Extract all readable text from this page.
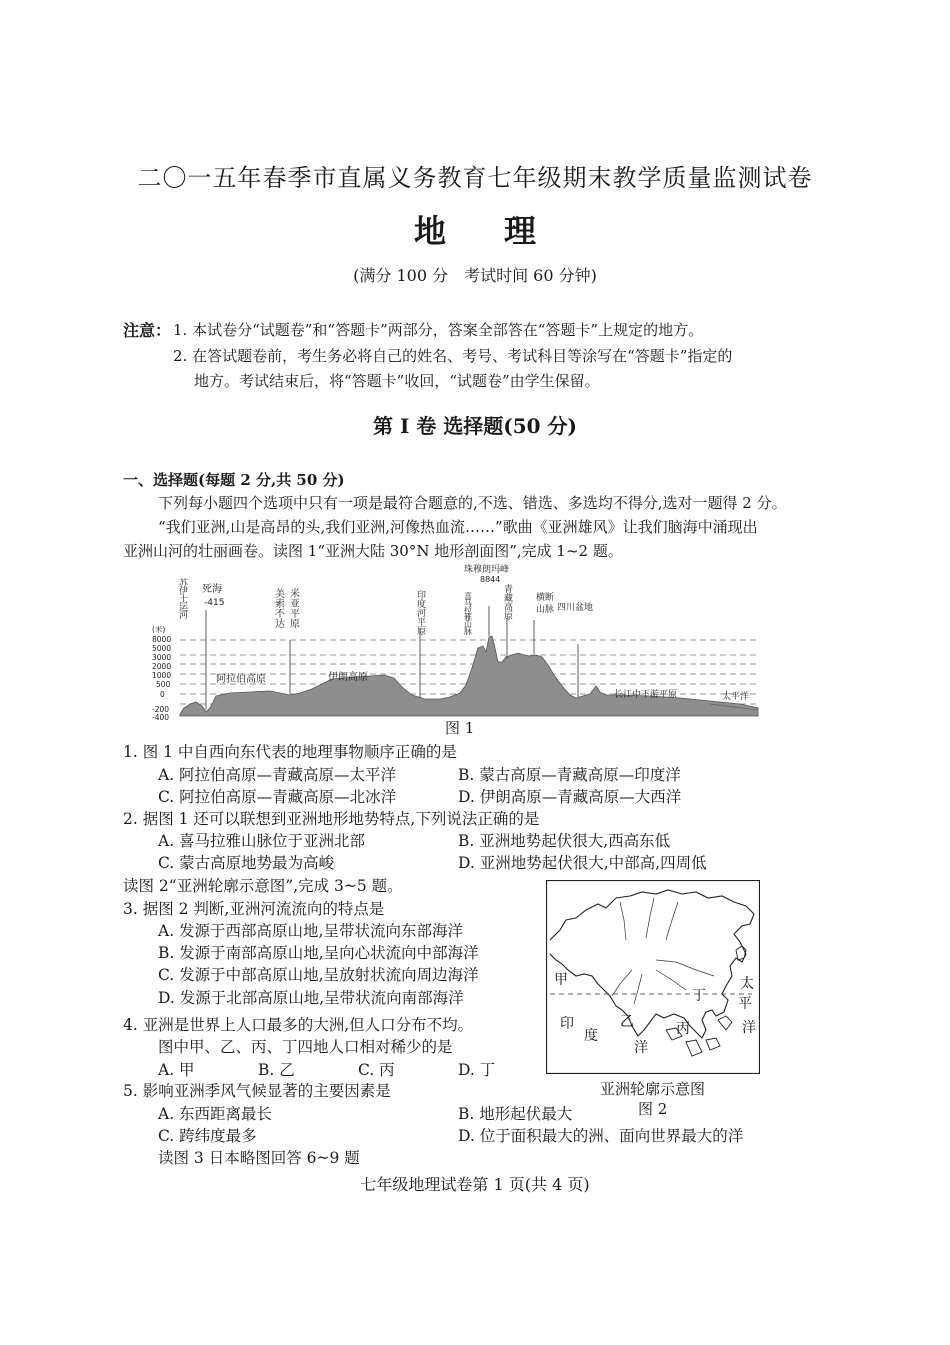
二〇一五年春季市直属义务教育七年级期末教学质量监测试卷
地理
(满分 100 分　考试时间 60 分钟)
注意： 1. 本试卷分“试题卷”和“答题卡”两部分，答案全部答在“答题卡”上规定的地方。
2. 在答试题卷前，考生务必将自己的姓名、考号、考试科目等涂写在“答题卡”指定的
地方。考试结束后，将“答题卡”收回，“试题卷”由学生保留。
第 I 卷 选择题(50 分)
一、选择题(每题 2 分,共 50 分)
下列每小题四个选项中只有一项是最符合题意的,不选、错选、多选均不得分,选对一题得 2 分。
“我们亚洲,山是高昂的头,我们亚洲,河像热血流……”歌曲《亚洲雄风》让我们脑海中涌现出
亚洲山河的壮丽画卷。读图 1“亚洲大陆 30°N 地形剖面图”,完成 1~2 题。
(米)
8000
5000
3000
2000
1000
500
0
-200
-400
苏伊士运河 死海
-415	美索不达 米亚平原	印度河平原
珠穆朗玛峰
8844
喜马拉雅山脉	青藏高原	横断
山脉 四川盆地
阿拉伯高原	伊朗高原
长江中下游平原	太平洋
图 1
1. 图 1 中自西向东代表的地理事物顺序正确的是
A. 阿拉伯高原—青藏高原—太平洋	B. 蒙古高原—青藏高原—印度洋
C. 阿拉伯高原—青藏高原—北冰洋	D. 伊朗高原—青藏高原—大西洋
2. 据图 1 还可以联想到亚洲地形地势特点,下列说法正确的是
A. 喜马拉雅山脉位于亚洲北部	B. 亚洲地势起伏很大,西高东低
C. 蒙古高原地势最为高峻	D. 亚洲地势起伏很大,中部高,四周低
读图 2“亚洲轮廓示意图”,完成 3~5 题。
3. 据图 2 判断,亚洲河流流向的特点是
A. 发源于西部高原山地,呈带状流向东部海洋
B. 发源于南部高原山地,呈向心状流向中部海洋
C. 发源于中部高原山地,呈放射状流向周边海洋
D. 发源于北部高原山地,呈带状流向南部海洋
4. 亚洲是世界上人口最多的大洲,但人口分布不均。
图中甲、乙、丙、丁四地人口相对稀少的是
A. 甲	B. 乙	C. 丙	D. 丁
5. 影响亚洲季风气候显著的主要因素是
A. 东西距离最长	B. 地形起伏最大
C. 跨纬度最多	D. 位于面积最大的洲、面向世界最大的洋
读图 3 日本略图回答 6~9 题
甲
乙	丙
丁
印
度
洋
太
平
洋
亚洲轮廓示意图
图 2
七年级地理试卷第 1 页(共 4 页)
